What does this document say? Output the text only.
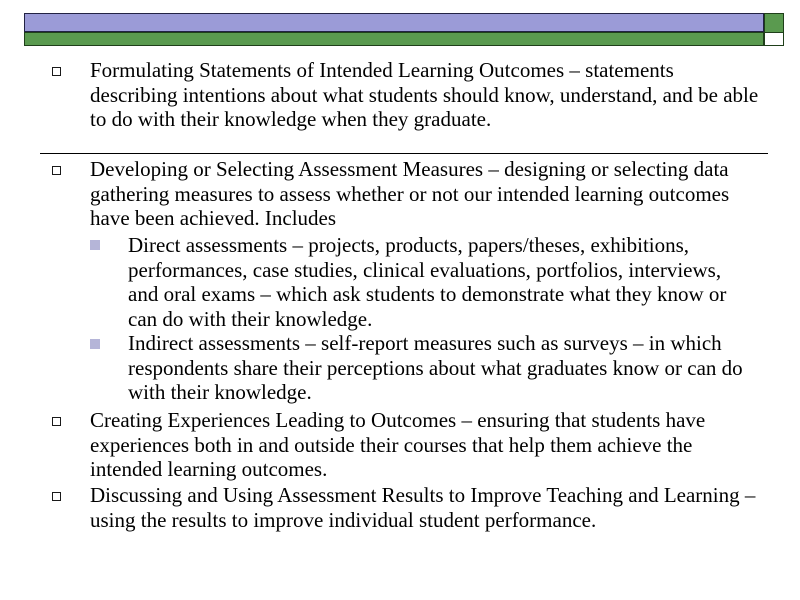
Formulating Statements of Intended Learning Outcomes – statements describing intentions about what students should know, understand, and be able to do with their knowledge when they graduate.
Developing or Selecting Assessment Measures – designing or selecting data gathering measures to assess whether or not our intended learning outcomes have been achieved. Includes
Direct assessments – projects, products, papers/theses, exhibitions, performances, case studies, clinical evaluations, portfolios, interviews, and oral exams – which ask students to demonstrate what they know or can do with their knowledge.
Indirect assessments – self-report measures such as surveys – in which respondents share their perceptions about what graduates know or can do with their knowledge.
Creating Experiences Leading to Outcomes – ensuring that students have experiences both in and outside their courses that help them achieve the intended learning outcomes.
Discussing and Using Assessment Results to Improve Teaching and Learning – using the results to improve individual student performance.
